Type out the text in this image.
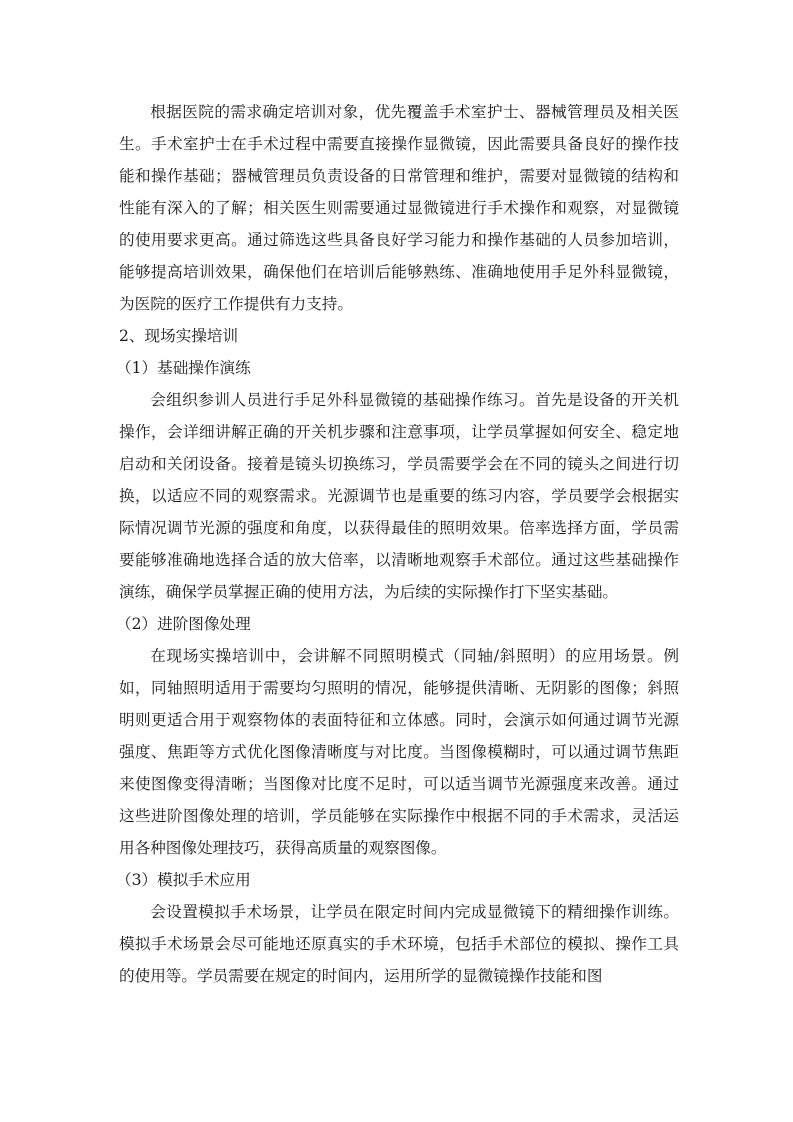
根据医院的需求确定培训对象，优先覆盖手术室护士、器械管理员及相关医生。手术室护士在手术过程中需要直接操作显微镜，因此需要具备良好的操作技能和操作基础；器械管理员负责设备的日常管理和维护，需要对显微镜的结构和性能有深入的了解；相关医生则需要通过显微镜进行手术操作和观察，对显微镜的使用要求更高。通过筛选这些具备良好学习能力和操作基础的人员参加培训，能够提高培训效果，确保他们在培训后能够熟练、准确地使用手足外科显微镜，为医院的医疗工作提供有力支持。

2、现场实操培训

（1）基础操作演练

会组织参训人员进行手足外科显微镜的基础操作练习。首先是设备的开关机操作，会详细讲解正确的开关机步骤和注意事项，让学员掌握如何安全、稳定地启动和关闭设备。接着是镜头切换练习，学员需要学会在不同的镜头之间进行切换，以适应不同的观察需求。光源调节也是重要的练习内容，学员要学会根据实际情况调节光源的强度和角度，以获得最佳的照明效果。倍率选择方面，学员需要能够准确地选择合适的放大倍率，以清晰地观察手术部位。通过这些基础操作演练，确保学员掌握正确的使用方法，为后续的实际操作打下坚实基础。

（2）进阶图像处理

在现场实操培训中，会讲解不同照明模式（同轴/斜照明）的应用场景。例如，同轴照明适用于需要均匀照明的情况，能够提供清晰、无阴影的图像；斜照明则更适合用于观察物体的表面特征和立体感。同时，会演示如何通过调节光源强度、焦距等方式优化图像清晰度与对比度。当图像模糊时，可以通过调节焦距来使图像变得清晰；当图像对比度不足时，可以适当调节光源强度来改善。通过这些进阶图像处理的培训，学员能够在实际操作中根据不同的手术需求，灵活运用各种图像处理技巧，获得高质量的观察图像。

（3）模拟手术应用

会设置模拟手术场景，让学员在限定时间内完成显微镜下的精细操作训练。模拟手术场景会尽可能地还原真实的手术环境，包括手术部位的模拟、操作工具的使用等。学员需要在规定的时间内，运用所学的显微镜操作技能和图
